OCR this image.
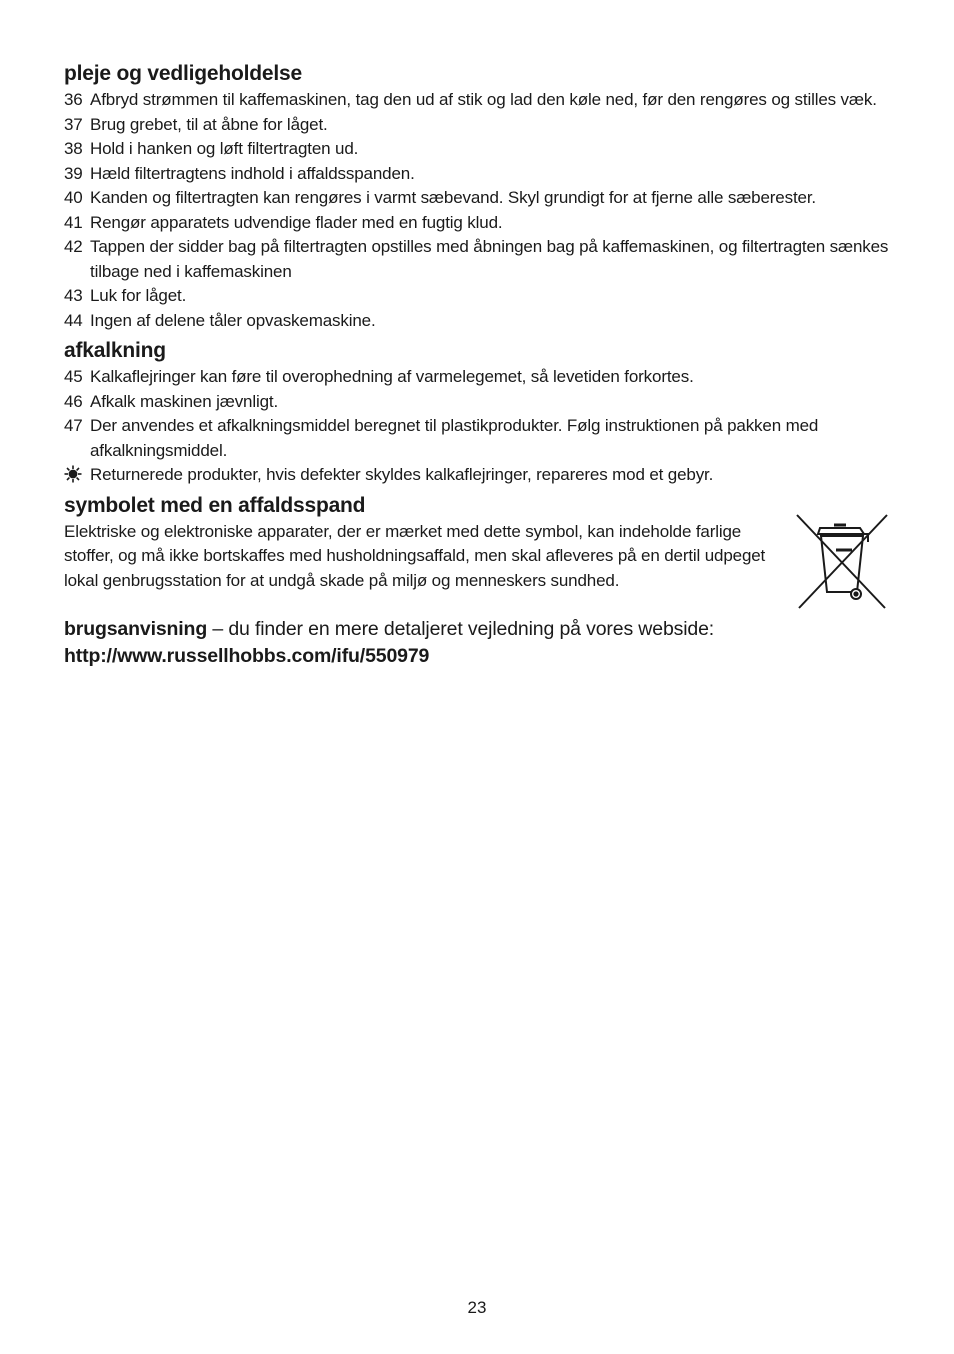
pleje og vedligeholdelse
36 Afbryd strømmen til kaffemaskinen, tag den ud af stik og lad den køle ned, før den rengøres og stilles væk.
37 Brug grebet, til at åbne for låget.
38 Hold i hanken og løft filtertragten ud.
39 Hæld filtertragtens indhold i affaldsspanden.
40 Kanden og filtertragten kan rengøres i varmt sæbevand. Skyl grundigt for at fjerne alle sæberester.
41 Rengør apparatets udvendige flader med en fugtig klud.
42 Tappen der sidder bag på filtertragten opstilles med åbningen bag på kaffemaskinen, og filtertragten sænkes tilbage ned i kaffemaskinen
43 Luk for låget.
44 Ingen af delene tåler opvaskemaskine.
afkalkning
45 Kalkaflejringer kan føre til overophedning af varmelegemet, så levetiden forkortes.
46 Afkalk maskinen jævnligt.
47 Der anvendes et afkalkningsmiddel beregnet til plastikprodukter. Følg instruktionen på pakken med afkalkningsmiddel.
Returnerede produkter, hvis defekter skyldes kalkaflejringer, repareres mod et gebyr.
symbolet med en affaldsspand

Elektriske og elektroniske apparater, der er mærket med dette symbol, kan indeholde farlige stoffer, og må ikke bortskaffes med husholdningsaffald, men skal afleveres på en dertil udpeget lokal genbrugsstation for at undgå skade på miljø og menneskers sundhed.

brugsanvisning – du finder en mere detaljeret vejledning på vores webside:

http://www.russellhobbs.com/ifu/550979

23
